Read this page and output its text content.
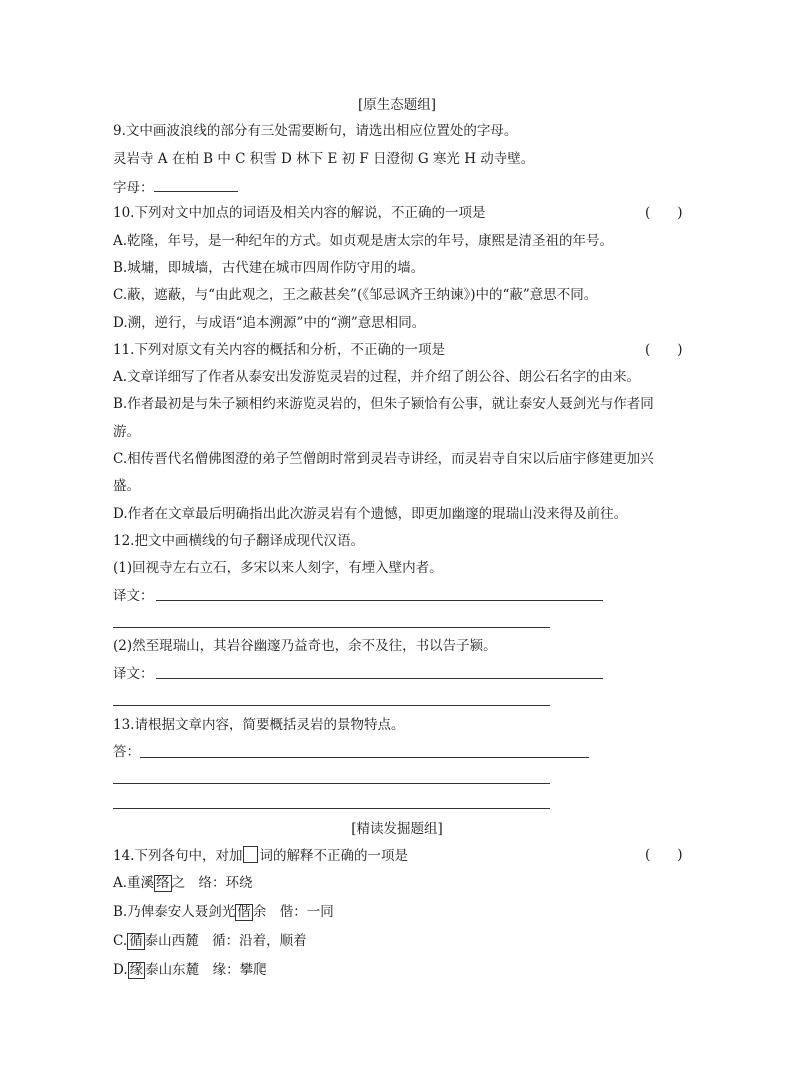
[原生态题组]
9.文中画波浪线的部分有三处需要断句，请选出相应位置处的字母。
灵岩寺 A 在柏 B 中 C 积雪 D 林下 E 初 F 日澄彻 G 寒光 H 动寺壁。
字母：
10.下列对文中加点的词语及相关内容的解说，不正确的一项是	(　　)
A.乾隆，年号，是一种纪年的方式。如贞观是唐太宗的年号，康熙是清圣祖的年号。
B.城墉，即城墙，古代建在城市四周作防守用的墙。
C.蔽，遮蔽，与“由此观之，王之蔽甚矣”(《邹忌讽齐王纳谏》)中的“蔽”意思不同。
D.溯，逆行，与成语“追本溯源”中的“溯”意思相同。
11.下列对原文有关内容的概括和分析，不正确的一项是	(　　)
A.文章详细写了作者从泰安出发游览灵岩的过程，并介绍了朗公谷、朗公石名字的由来。
B.作者最初是与朱子颍相约来游览灵岩的，但朱子颍恰有公事，就让泰安人聂剑光与作者同
游。
C.相传晋代名僧佛图澄的弟子竺僧朗时常到灵岩寺讲经，而灵岩寺自宋以后庙宇修建更加兴
盛。
D.作者在文章最后明确指出此次游灵岩有个遗憾，即更加幽邃的琨瑞山没来得及前往。
12.把文中画横线的句子翻译成现代汉语。
(1)回视寺左右立石，多宋以来人刻字，有堙入壁内者。
译文：
(2)然至琨瑞山，其岩谷幽邃乃益奇也，余不及往，书以告子颍。
译文：
13.请根据文章内容，简要概括灵岩的景物特点。
答：
[精读发掘题组]
14.下列各句中，对加 词的解释不正确的一项是	(　　)
A.重溪 络 之　络：环绕
B.乃俾泰安人聂剑光 偕 余　偕：一同
C. 循 泰山西麓　循：沿着，顺着
D. 缘 泰山东麓　缘：攀爬
